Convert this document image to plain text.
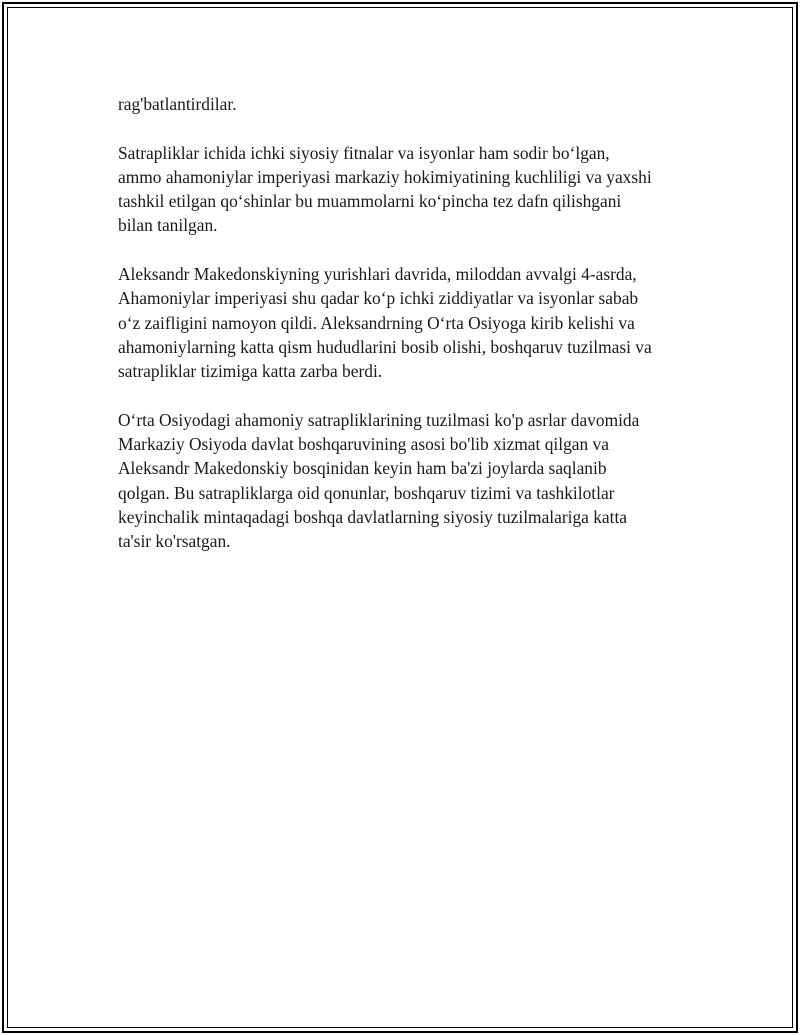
rag'batlantirdilar.

Satrapliklar ichida ichki siyosiy fitnalar va isyonlar ham sodir bo‘lgan,
ammo ahamoniylar imperiyasi markaziy hokimiyatining kuchliligi va yaxshi
tashkil etilgan qo‘shinlar bu muammolarni ko‘pincha tez dafn qilishgani
bilan tanilgan.

Aleksandr Makedonskiyning yurishlari davrida, miloddan avvalgi 4-asrda,
Ahamoniylar imperiyasi shu qadar ko‘p ichki ziddiyatlar va isyonlar sabab
o‘z zaifligini namoyon qildi. Aleksandrning O‘rta Osiyoga kirib kelishi va
ahamoniylarning katta qism hududlarini bosib olishi, boshqaruv tuzilmasi va
satrapliklar tizimiga katta zarba berdi.

O‘rta Osiyodagi ahamoniy satrapliklarining tuzilmasi ko'p asrlar davomida
Markaziy Osiyoda davlat boshqaruvining asosi bo'lib xizmat qilgan va
Aleksandr Makedonskiy bosqinidan keyin ham ba'zi joylarda saqlanib
qolgan. Bu satrapliklarga oid qonunlar, boshqaruv tizimi va tashkilotlar
keyinchalik mintaqadagi boshqa davlatlarning siyosiy tuzilmalariga katta
ta'sir ko'rsatgan.
